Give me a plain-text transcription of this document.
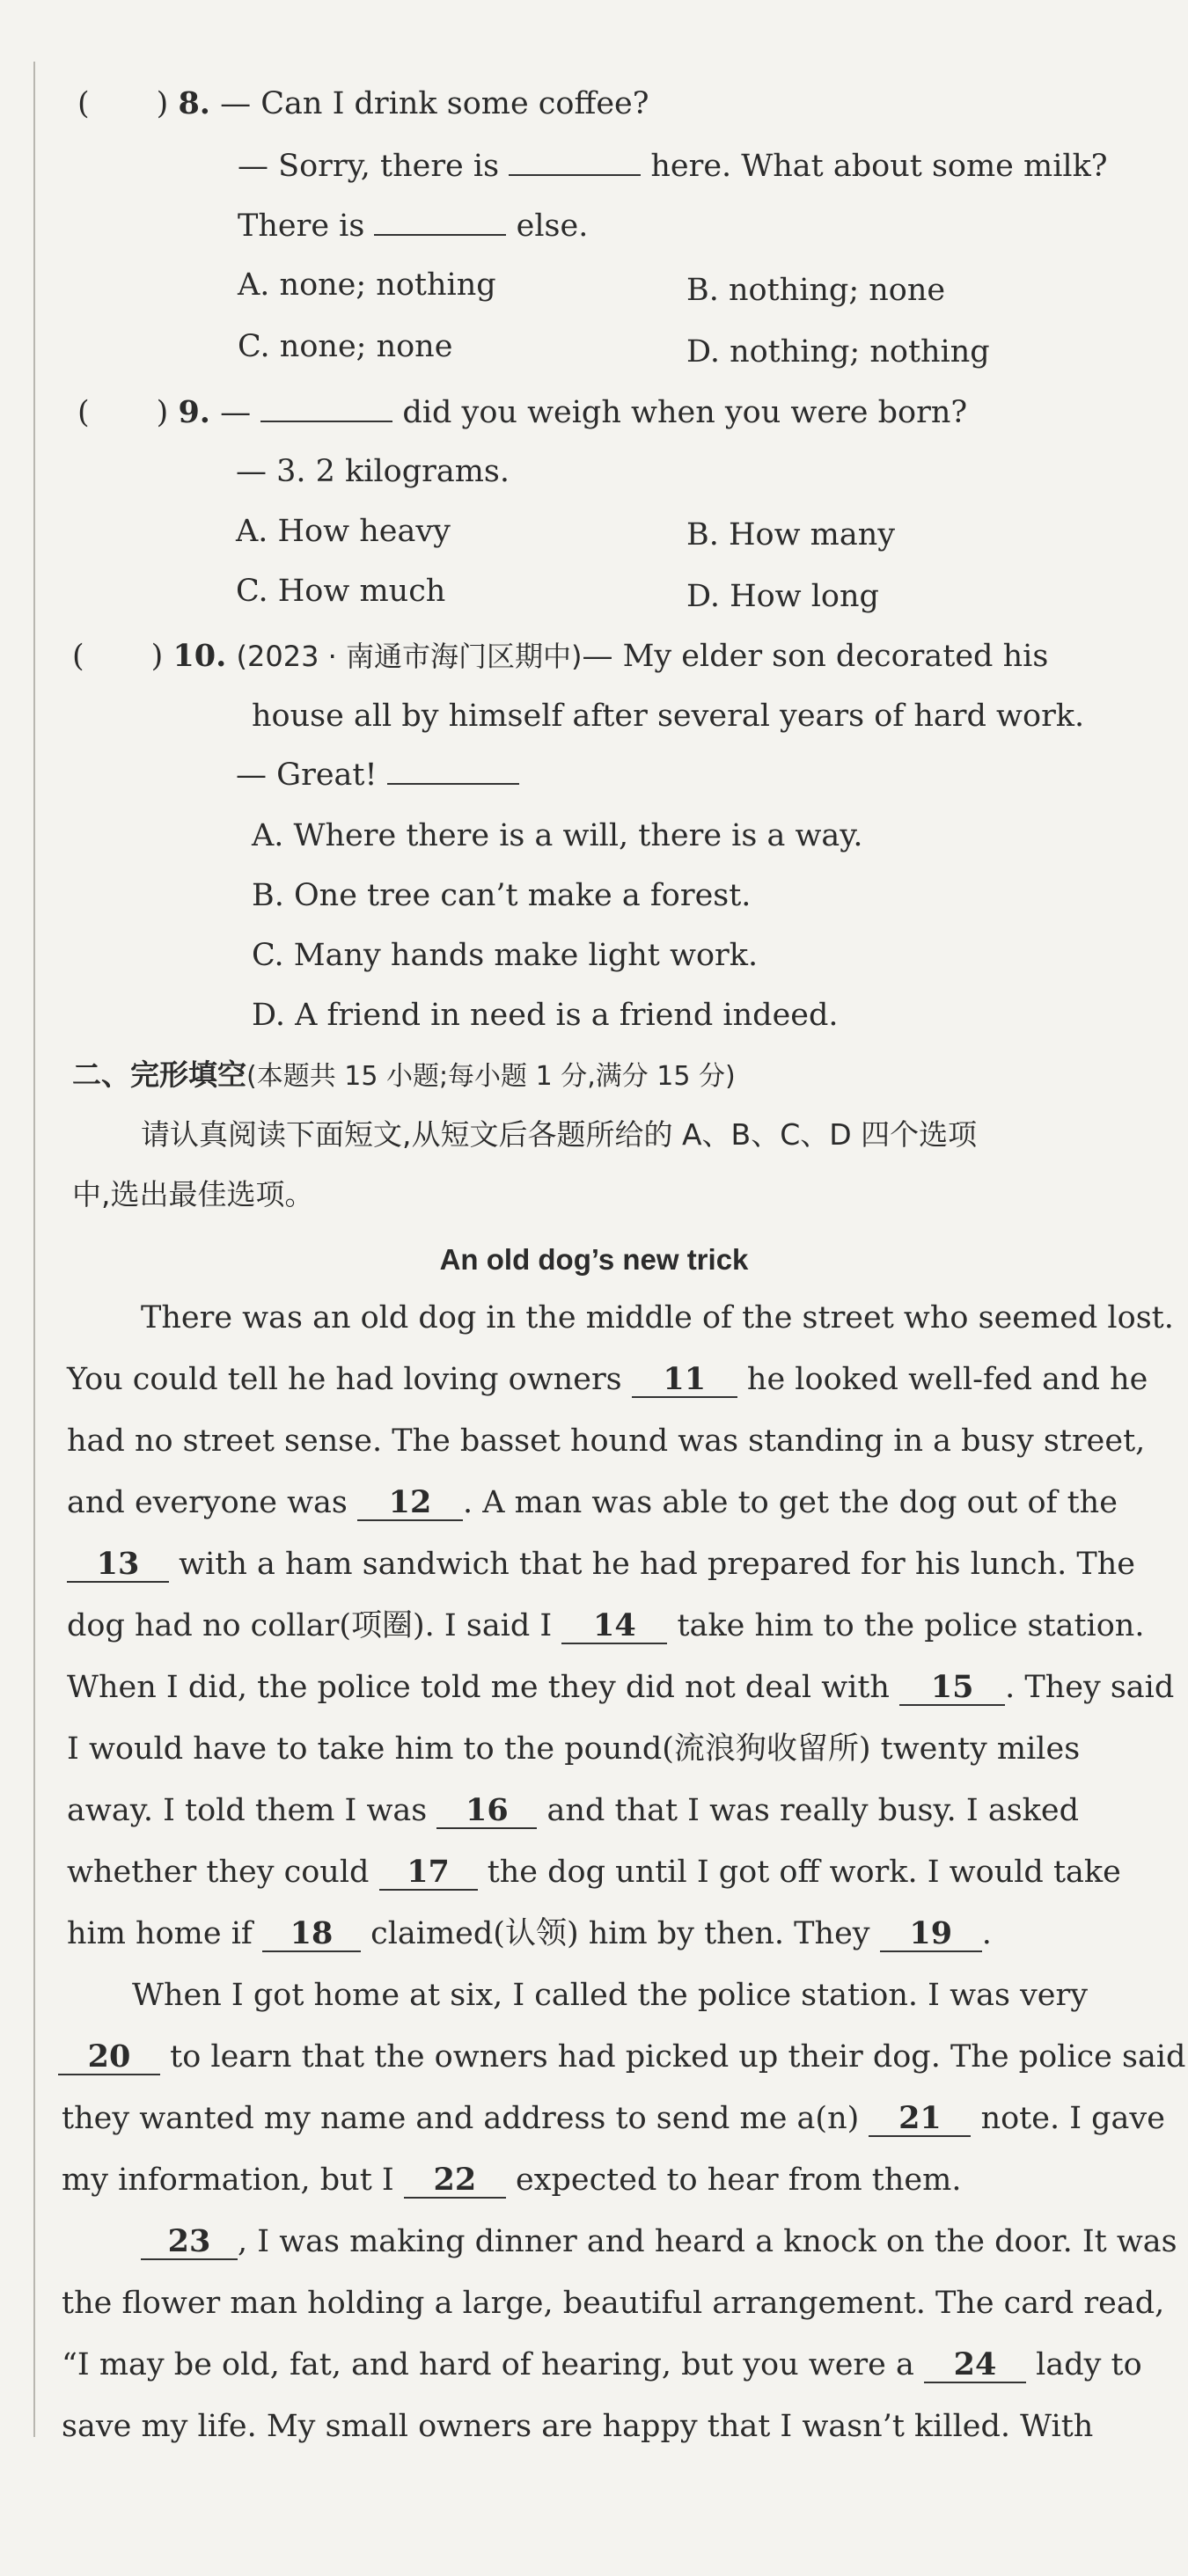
( ) 8. — Can I drink some coffee?
— Sorry, there is	here. What about some milk?
There is	else.
A. none; nothing	B. nothing; none
C. none; none	D. nothing; nothing
( ) 9. —	did you weigh when you were born?
— 3. 2 kilograms.
A. How heavy	B. How many
C. How much	D. How long
( ) 10. (2023 · 南通市海门区期中)— My elder son decorated his
house all by himself after several years of hard work.
— Great!
A. Where there is a will, there is a way.
B. One tree can’t make a forest.
C. Many hands make light work.
D. A friend in need is a friend indeed.
二、完形填空(本题共 15 小题;每小题 1 分,满分 15 分)
请认真阅读下面短文,从短文后各题所给的 A、B、C、D 四个选项
中,选出最佳选项。
An old dog’s new trick
There was an old dog in the middle of the street who seemed lost.
You could tell he had loving owners 11 he looked well-fed and he
had no street sense. The basset hound was standing in a busy street,
and everyone was 12 . A man was able to get the dog out of the
13 with a ham sandwich that he had prepared for his lunch. The
dog had no collar(项圈). I said I 14 take him to the police station.
When I did, the police told me they did not deal with 15 . They said
I would have to take him to the pound(流浪狗收留所) twenty miles
away. I told them I was 16 and that I was really busy. I asked
whether they could 17 the dog until I got off work. I would take
him home if 18 claimed(认领) him by then. They 19 .
When I got home at six, I called the police station. I was very
20 to learn that the owners had picked up their dog. The police said
they wanted my name and address to send me a(n) 21 note. I gave
my information, but I 22 expected to hear from them.
23 , I was making dinner and heard a knock on the door. It was
the flower man holding a large, beautiful arrangement. The card read,
“I may be old, fat, and hard of hearing, but you were a 24 lady to
save my life. My small owners are happy that I wasn’t killed. With
